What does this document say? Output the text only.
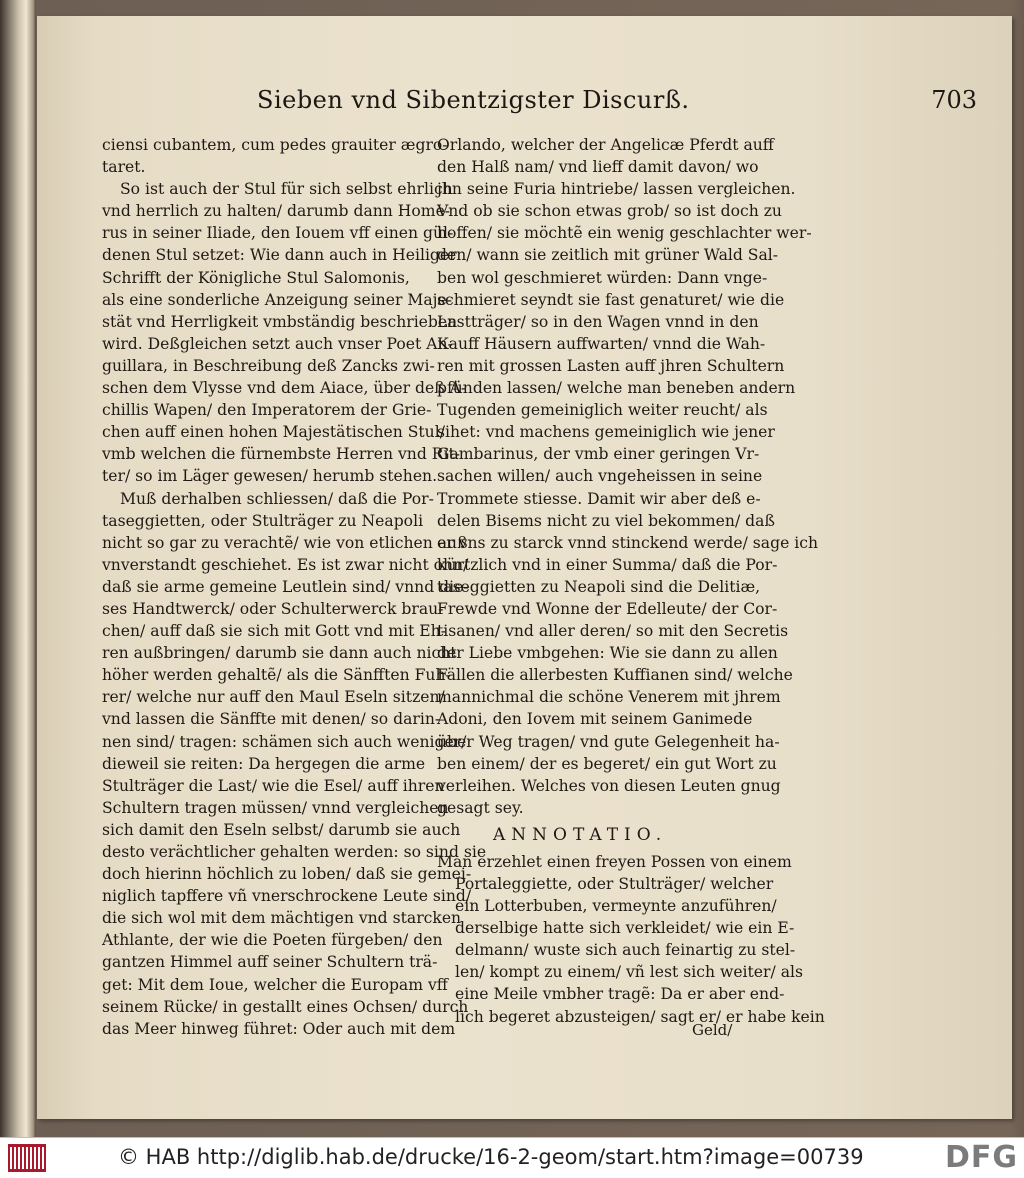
Sieben vnd Sibentzigster Discurß.	703
ciensi cubantem, cum pedes grauiter ægro-
taret.
So ist auch der Stul für sich selbst ehrlich
vnd herrlich zu halten/ darumb dann Home-
rus in seiner Iliade, den Iouem vff einen gül-
denen Stul setzet: Wie dann auch in Heiliger
Schrifft der Königliche Stul Salomonis,
als eine sonderliche Anzeigung seiner Maje-
stät vnd Herrligkeit vmbständig beschrieben
wird. Deßgleichen setzt auch vnser Poet An-
guillara, in Beschreibung deß Zancks zwi-
schen dem Vlysse vnd dem Aiace, über deß A-
chillis Wapen/ den Imperatorem der Grie-
chen auff einen hohen Majestätischen Stul/
vmb welchen die fürnembste Herren vnd Rit-
ter/ so im Läger gewesen/ herumb stehen.
Muß derhalben schliessen/ daß die Por-
taseggietten, oder Stulträger zu Neapoli
nicht so gar zu verachtẽ/ wie von etlichen auß
vnverstandt geschiehet. Es ist zwar nicht ohn/
daß sie arme gemeine Leutlein sind/ vnnd die-
ses Handtwerck/ oder Schulterwerck brau-
chen/ auff daß sie sich mit Gott vnd mit Eh-
ren außbringen/ darumb sie dann auch nicht
höher werden gehaltẽ/ als die Sänfften Fuh-
rer/ welche nur auff den Maul Eseln sitzen/
vnd lassen die Sänffte mit denen/ so darin-
nen sind/ tragen: schämen sich auch weniger/
dieweil sie reiten: Da hergegen die arme
Stulträger die Last/ wie die Esel/ auff ihren
Schultern tragen müssen/ vnnd vergleichen
sich damit den Eseln selbst/ darumb sie auch
desto verächtlicher gehalten werden: so sind sie
doch hierinn höchlich zu loben/ daß sie gemei-
niglich tapffere vñ vnerschrockene Leute sind/
die sich wol mit dem mächtigen vnd starcken
Athlante, der wie die Poeten fürgeben/ den
gantzen Himmel auff seiner Schultern trä-
get: Mit dem Ioue, welcher die Europam vff
seinem Rücke/ in gestallt eines Ochsen/ durch
das Meer hinweg führet: Oder auch mit dem
Orlando, welcher der Angelicæ Pferdt auff
den Halß nam/ vnd lieff damit davon/ wo
jhn seine Furia hintriebe/ lassen vergleichen.
Vnd ob sie schon etwas grob/ so ist doch zu
hoffen/ sie möchtẽ ein wenig geschlachter wer-
den/ wann sie zeitlich mit grüner Wald Sal-
ben wol geschmieret würden: Dann vnge-
schmieret seyndt sie fast genaturet/ wie die
Lastträger/ so in den Wagen vnnd in den
Kauff Häusern auffwarten/ vnnd die Wah-
ren mit grossen Lasten auff jhren Schultern
pfünden lassen/ welche man beneben andern
Tugenden gemeiniglich weiter reucht/ als
sihet: vnd machens gemeiniglich wie jener
Gambarinus, der vmb einer geringen Vr-
sachen willen/ auch vngeheissen in seine
Trommete stiesse. Damit wir aber deß e-
delen Bisems nicht zu viel bekommen/ daß
er vns zu starck vnnd stinckend werde/ sage ich
kürtzlich vnd in einer Summa/ daß die Por-
taseggietten zu Neapoli sind die Delitiæ,
Frewde vnd Wonne der Edelleute/ der Cor-
tisanen/ vnd aller deren/ so mit den Secretis
der Liebe vmbgehen: Wie sie dann zu allen
Fällen die allerbesten Kuffianen sind/ welche
mannichmal die schöne Venerem mit jhrem
Adoni, den Iovem mit seinem Ganimede
über Weg tragen/ vnd gute Gelegenheit ha-
ben einem/ der es begeret/ ein gut Wort zu
verleihen. Welches von diesen Leuten gnug
gesagt sey.
ANNOTATIO.
Man erzehlet einen freyen Possen von einem
Portaleggiette, oder Stulträger/ welcher
ein Lotterbuben, vermeynte anzuführen/
derselbige hatte sich verkleidet/ wie ein E-
delmann/ wuste sich auch feinartig zu stel-
len/ kompt zu einem/ vñ lest sich weiter/ als
eine Meile vmbher tragẽ: Da er aber end-
lich begeret abzusteigen/ sagt er/ er habe kein
Geld/
© HAB http://diglib.hab.de/drucke/16-2-geom/start.htm?image=00739	DFG
